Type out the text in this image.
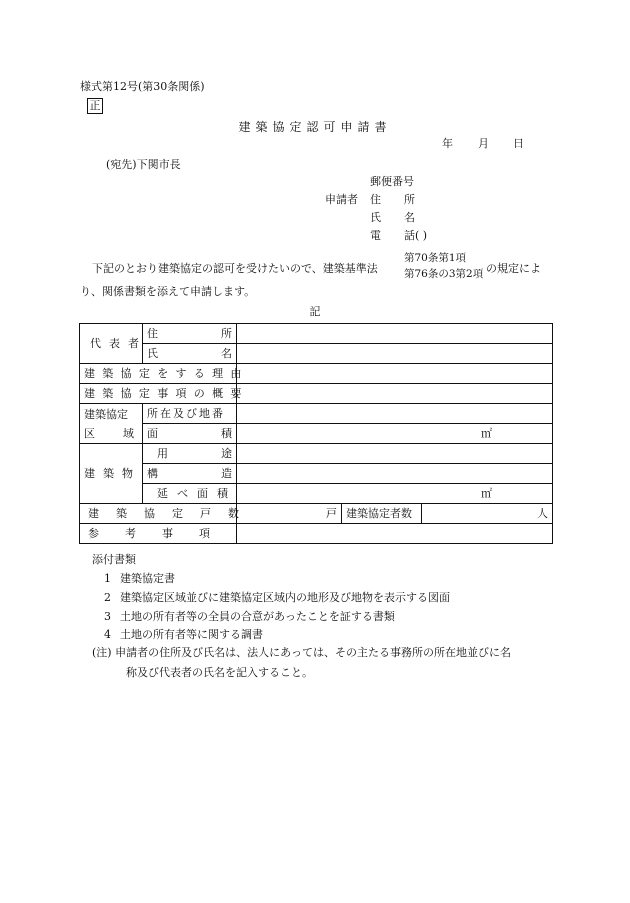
様式第12号(第30条関係)
正
建築協定認可申請書
年 月 日
(宛先)下関市長
郵便番号
申請者 住 所
氏 名
電 話( )
下記のとおり建築協定の認可を受けたいので、建築基準法
第70条第1項
第76条の3第2項 の規定によ
り、関係書類を添えて申請します。
記
代表者	住 所			

	氏 名			

建築協定をする理由				
建築協定事項の概要				

建築協定
区 域	所在及び地番			

	面 積	㎡		
建築物	用 途			

	構 造			

	延べ面積	㎡		
建築協定戸数		戸	建築協定者数	人
参考事項				
添付書類
1 建築協定書
2 建築協定区域並びに建築協定区域内の地形及び地物を表示する図面
3 土地の所有者等の全員の合意があったことを証する書類
4 土地の所有者等に関する調書
(注) 申請者の住所及び氏名は、法人にあっては、その主たる事務所の所在地並びに名
称及び代表者の氏名を記入すること。
